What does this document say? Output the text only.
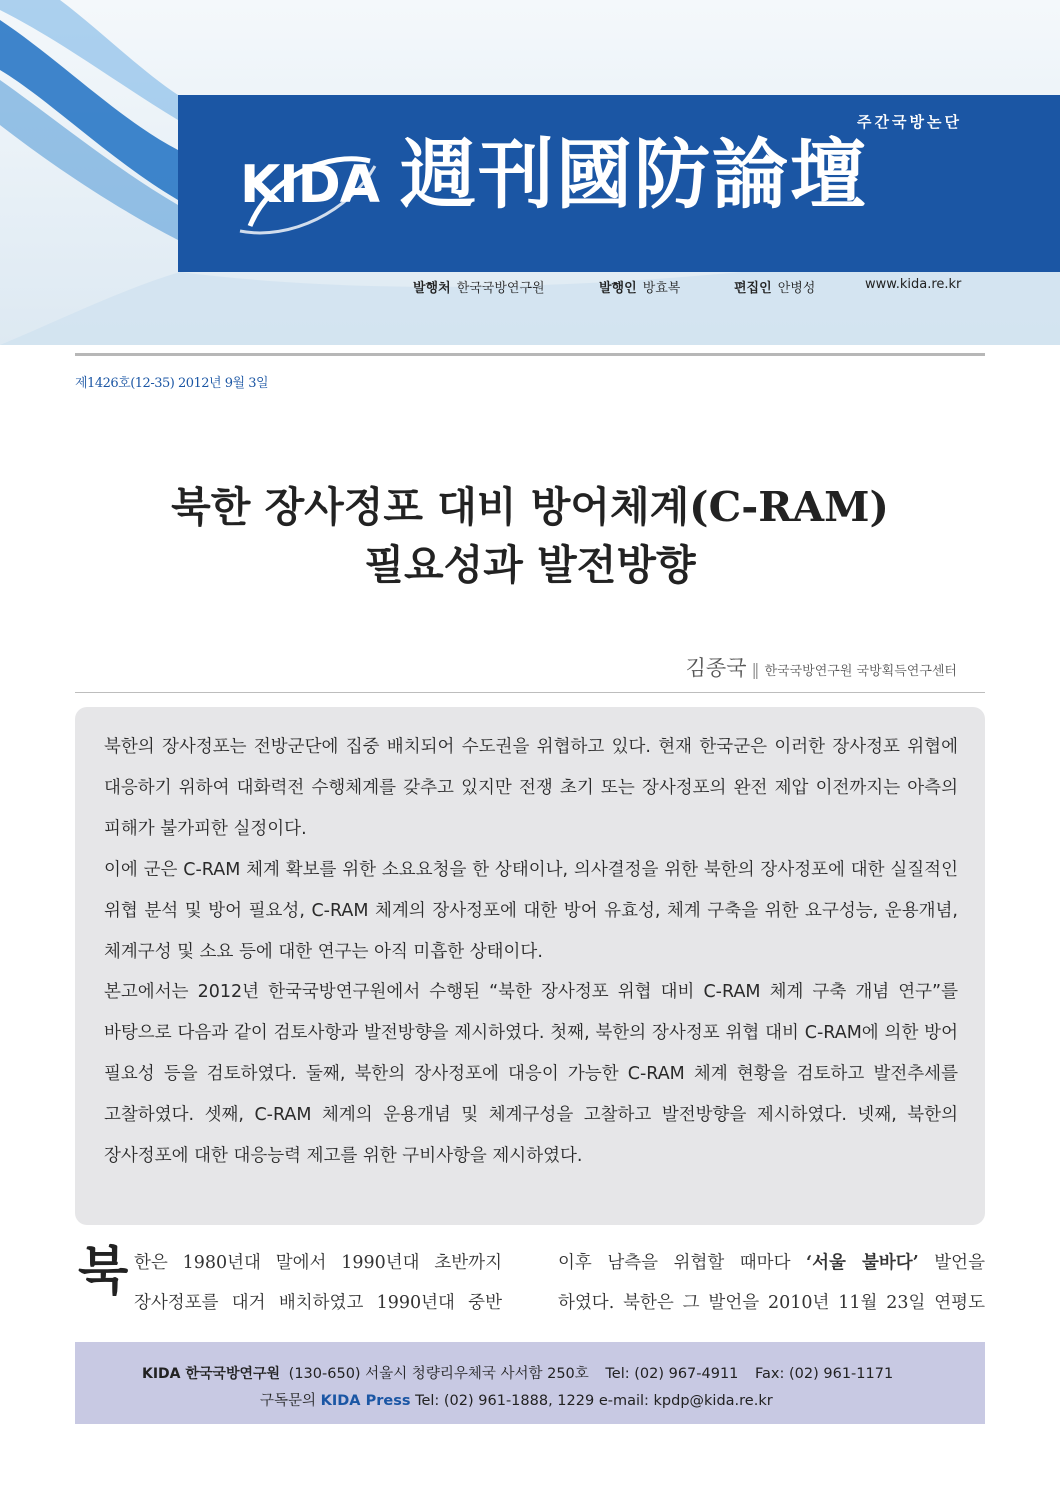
주간국방논단
KIDA 週刊國防論壇
발행처 한국국방연구원	발행인 방효복	편집인 안병성	www.kida.re.kr
제1426호(12-35) 2012년 9월 3일
북한 장사정포 대비 방어체계(C-RAM)
필요성과 발전방향
김종국 ‖ 한국국방연구원 국방획득연구센터

북한의 장사정포는 전방군단에 집중 배치되어 수도권을 위협하고 있다. 현재 한국군은 이러한 장사정포 위협에 대응하기 위하여 대화력전 수행체계를 갖추고 있지만 전쟁 초기 또는 장사정포의 완전 제압 이전까지는 아측의 피해가 불가피한 실정이다.

이에 군은 C-RAM 체계 확보를 위한 소요요청을 한 상태이나, 의사결정을 위한 북한의 장사정포에 대한 실질적인 위협 분석 및 방어 필요성, C-RAM 체계의 장사정포에 대한 방어 유효성, 체계 구축을 위한 요구성능, 운용개념, 체계구성 및 소요 등에 대한 연구는 아직 미흡한 상태이다.

본고에서는 2012년 한국국방연구원에서 수행된 “북한 장사정포 위협 대비 C-RAM 체계 구축 개념 연구”를 바탕으로 다음과 같이 검토사항과 발전방향을 제시하였다. 첫째, 북한의 장사정포 위협 대비 C-RAM에 의한 방어 필요성 등을 검토하였다. 둘째, 북한의 장사정포에 대응이 가능한 C-RAM 체계 현황을 검토하고 발전추세를 고찰하였다. 셋째, C-RAM 체계의 운용개념 및 체계구성을 고찰하고 발전방향을 제시하였다. 넷째, 북한의 장사정포에 대한 대응능력 제고를 위한 구비사항을 제시하였다.

북 한은 1980년대 말에서 1990년대 초반까지
장사정포를 대거 배치하였고 1990년대 중반
이후 남측을 위협할 때마다 ‘서울 불바다’ 발언을
하였다. 북한은 그 발언을 2010년 11월 23일 연평도
KIDA 한국국방연구원 (130-650) 서울시 청량리우체국 사서함 250호 Tel: (02) 967-4911 Fax: (02) 961-1171
구독문의 KIDA Press Tel: (02) 961-1888, 1229 e-mail: kpdp@kida.re.kr
